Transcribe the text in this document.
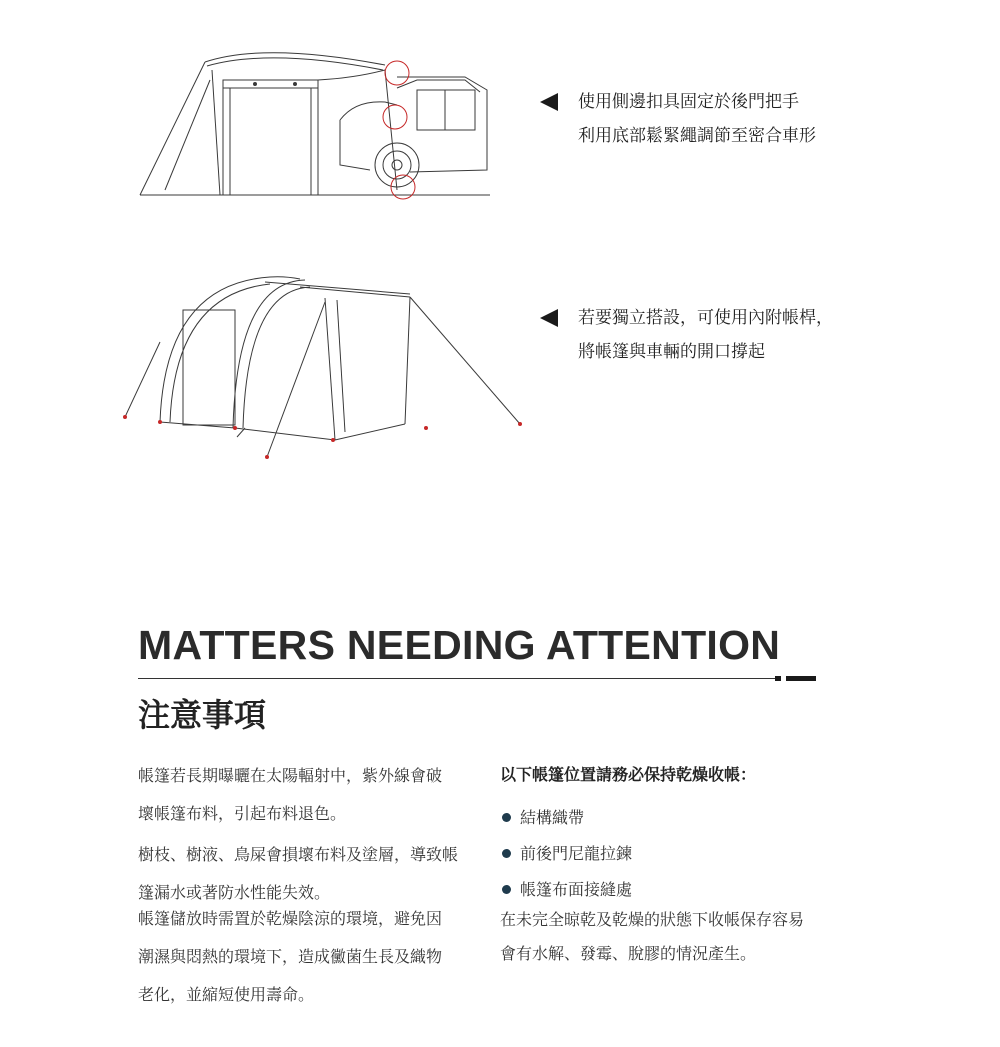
使用側邊扣具固定於後門把手
利用底部鬆緊繩調節至密合車形
若要獨立搭設，可使用內附帳桿，
將帳篷與車輛的開口撐起
MATTERS NEEDING ATTENTION
注意事項
帳篷若長期曝曬在太陽輻射中，紫外線會破
壞帳篷布料，引起布料退色。
樹枝、樹液、鳥屎會損壞布料及塗層，導致帳
篷漏水或著防水性能失效。
帳篷儲放時需置於乾燥陰涼的環境，避免因
潮濕與悶熱的環境下，造成黴菌生長及織物
老化，並縮短使用壽命。
以下帳篷位置請務必保持乾燥收帳：
結構織帶
前後門尼龍拉鍊
帳篷布面接縫處
在未完全晾乾及乾燥的狀態下收帳保存容易
會有水解、發霉、脫膠的情況產生。
